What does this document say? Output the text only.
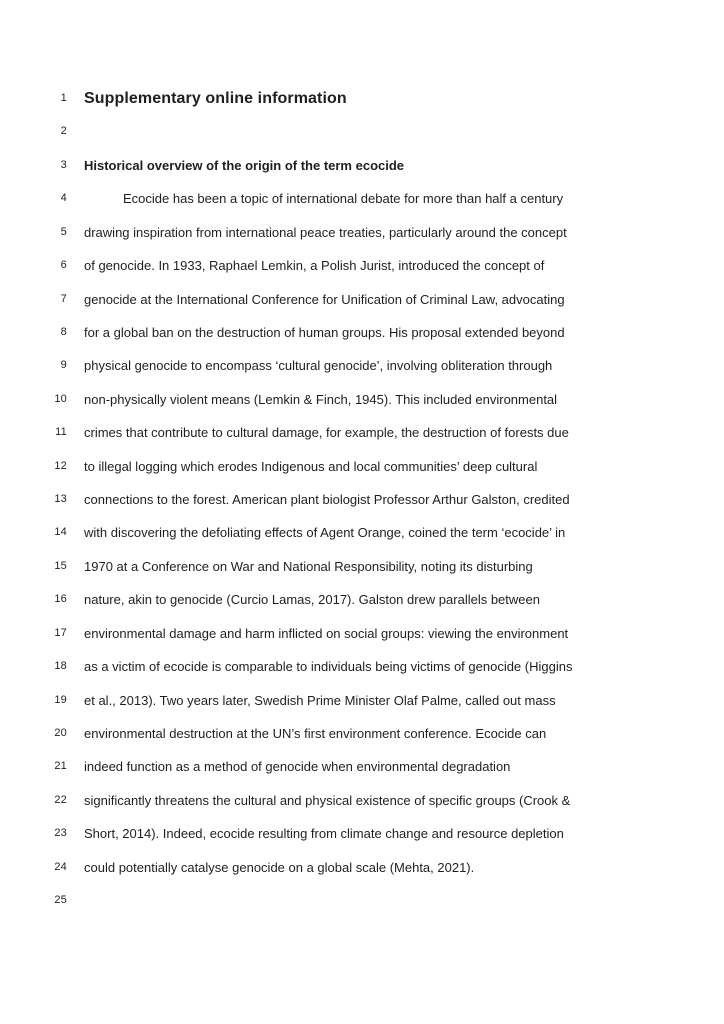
1 Supplementary online information
2
3 Historical overview of the origin of the term ecocide
4	Ecocide has been a topic of international debate for more than half a century
5 drawing inspiration from international peace treaties, particularly around the concept
6 of genocide. In 1933, Raphael Lemkin, a Polish Jurist, introduced the concept of
7 genocide at the International Conference for Unification of Criminal Law, advocating
8 for a global ban on the destruction of human groups. His proposal extended beyond
9 physical genocide to encompass ‘cultural genocide’, involving obliteration through
10 non-physically violent means (Lemkin & Finch, 1945). This included environmental
11 crimes that contribute to cultural damage, for example, the destruction of forests due
12 to illegal logging which erodes Indigenous and local communities’ deep cultural
13 connections to the forest. American plant biologist Professor Arthur Galston, credited
14 with discovering the defoliating effects of Agent Orange, coined the term ‘ecocide’ in
15 1970 at a Conference on War and National Responsibility, noting its disturbing
16 nature, akin to genocide (Curcio Lamas, 2017). Galston drew parallels between
17 environmental damage and harm inflicted on social groups: viewing the environment
18 as a victim of ecocide is comparable to individuals being victims of genocide (Higgins
19 et al., 2013). Two years later, Swedish Prime Minister Olaf Palme, called out mass
20 environmental destruction at the UN’s first environment conference. Ecocide can
21 indeed function as a method of genocide when environmental degradation
22 significantly threatens the cultural and physical existence of specific groups (Crook &
23 Short, 2014). Indeed, ecocide resulting from climate change and resource depletion
24 could potentially catalyse genocide on a global scale (Mehta, 2021).
25
